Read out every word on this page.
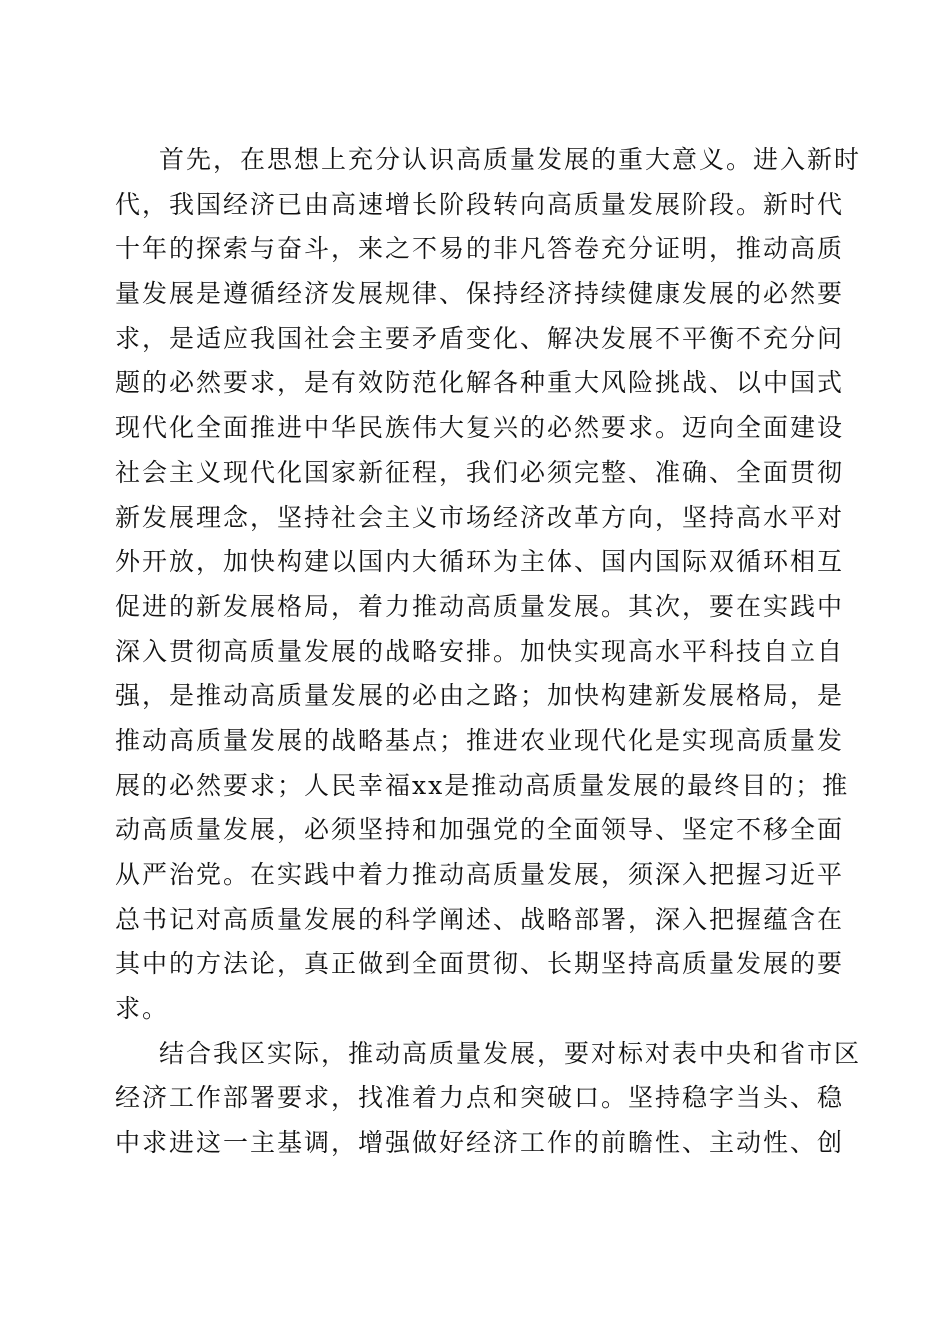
首先，在思想上充分认识高质量发展的重大意义。进入新时
代，我国经济已由高速增长阶段转向高质量发展阶段。新时代
十年的探索与奋斗，来之不易的非凡答卷充分证明，推动高质
量发展是遵循经济发展规律、保持经济持续健康发展的必然要
求，是适应我国社会主要矛盾变化、解决发展不平衡不充分问
题的必然要求，是有效防范化解各种重大风险挑战、以中国式
现代化全面推进中华民族伟大复兴的必然要求。迈向全面建设
社会主义现代化国家新征程，我们必须完整、准确、全面贯彻
新发展理念，坚持社会主义市场经济改革方向，坚持高水平对
外开放，加快构建以国内大循环为主体、国内国际双循环相互
促进的新发展格局，着力推动高质量发展。其次，要在实践中
深入贯彻高质量发展的战略安排。加快实现高水平科技自立自
强，是推动高质量发展的必由之路；加快构建新发展格局，是
推动高质量发展的战略基点；推进农业现代化是实现高质量发
展的必然要求；人民幸福xx是推动高质量发展的最终目的；推
动高质量发展，必须坚持和加强党的全面领导、坚定不移全面
从严治党。在实践中着力推动高质量发展，须深入把握习近平
总书记对高质量发展的科学阐述、战略部署，深入把握蕴含在
其中的方法论，真正做到全面贯彻、长期坚持高质量发展的要
求。
结合我区实际，推动高质量发展，要对标对表中央和省市区
经济工作部署要求，找准着力点和突破口。坚持稳字当头、稳
中求进这一主基调，增强做好经济工作的前瞻性、主动性、创
